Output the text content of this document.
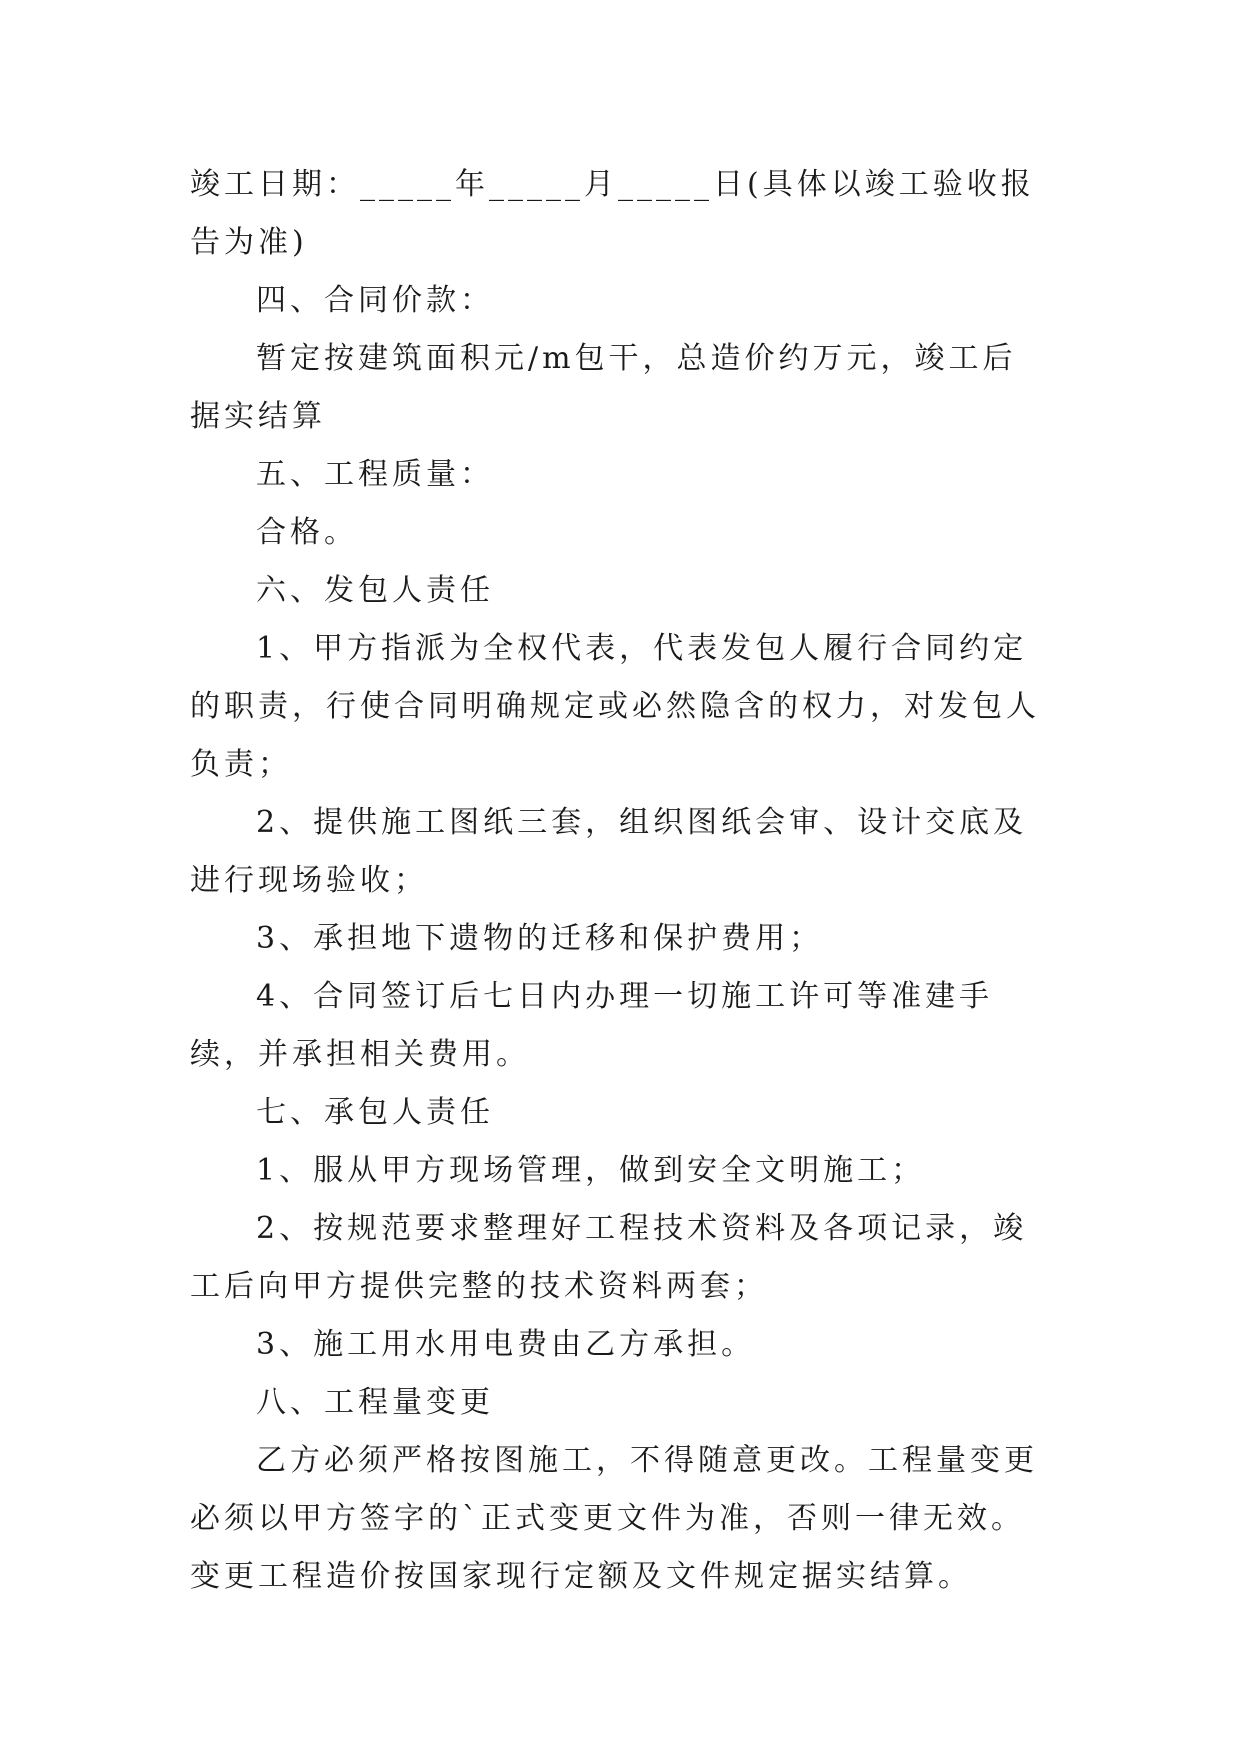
竣工日期：_____年_____月_____日(具体以竣工验收报告为准)

四、合同价款：

暂定按建筑面积元/m包干，总造价约万元，竣工后据实结算

五、工程质量：

合格。

六、发包人责任

1、甲方指派为全权代表，代表发包人履行合同约定的职责，行使合同明确规定或必然隐含的权力，对发包人负责；

2、提供施工图纸三套，组织图纸会审、设计交底及进行现场验收；

3、承担地下遗物的迁移和保护费用；

4、合同签订后七日内办理一切施工许可等准建手续，并承担相关费用。

七、承包人责任

1、服从甲方现场管理，做到安全文明施工；

2、按规范要求整理好工程技术资料及各项记录，竣工后向甲方提供完整的技术资料两套；

3、施工用水用电费由乙方承担。

八、工程量变更

乙方必须严格按图施工，不得随意更改。工程量变更必须以甲方签字的`正式变更文件为准，否则一律无效。变更工程造价按国家现行定额及文件规定据实结算。
